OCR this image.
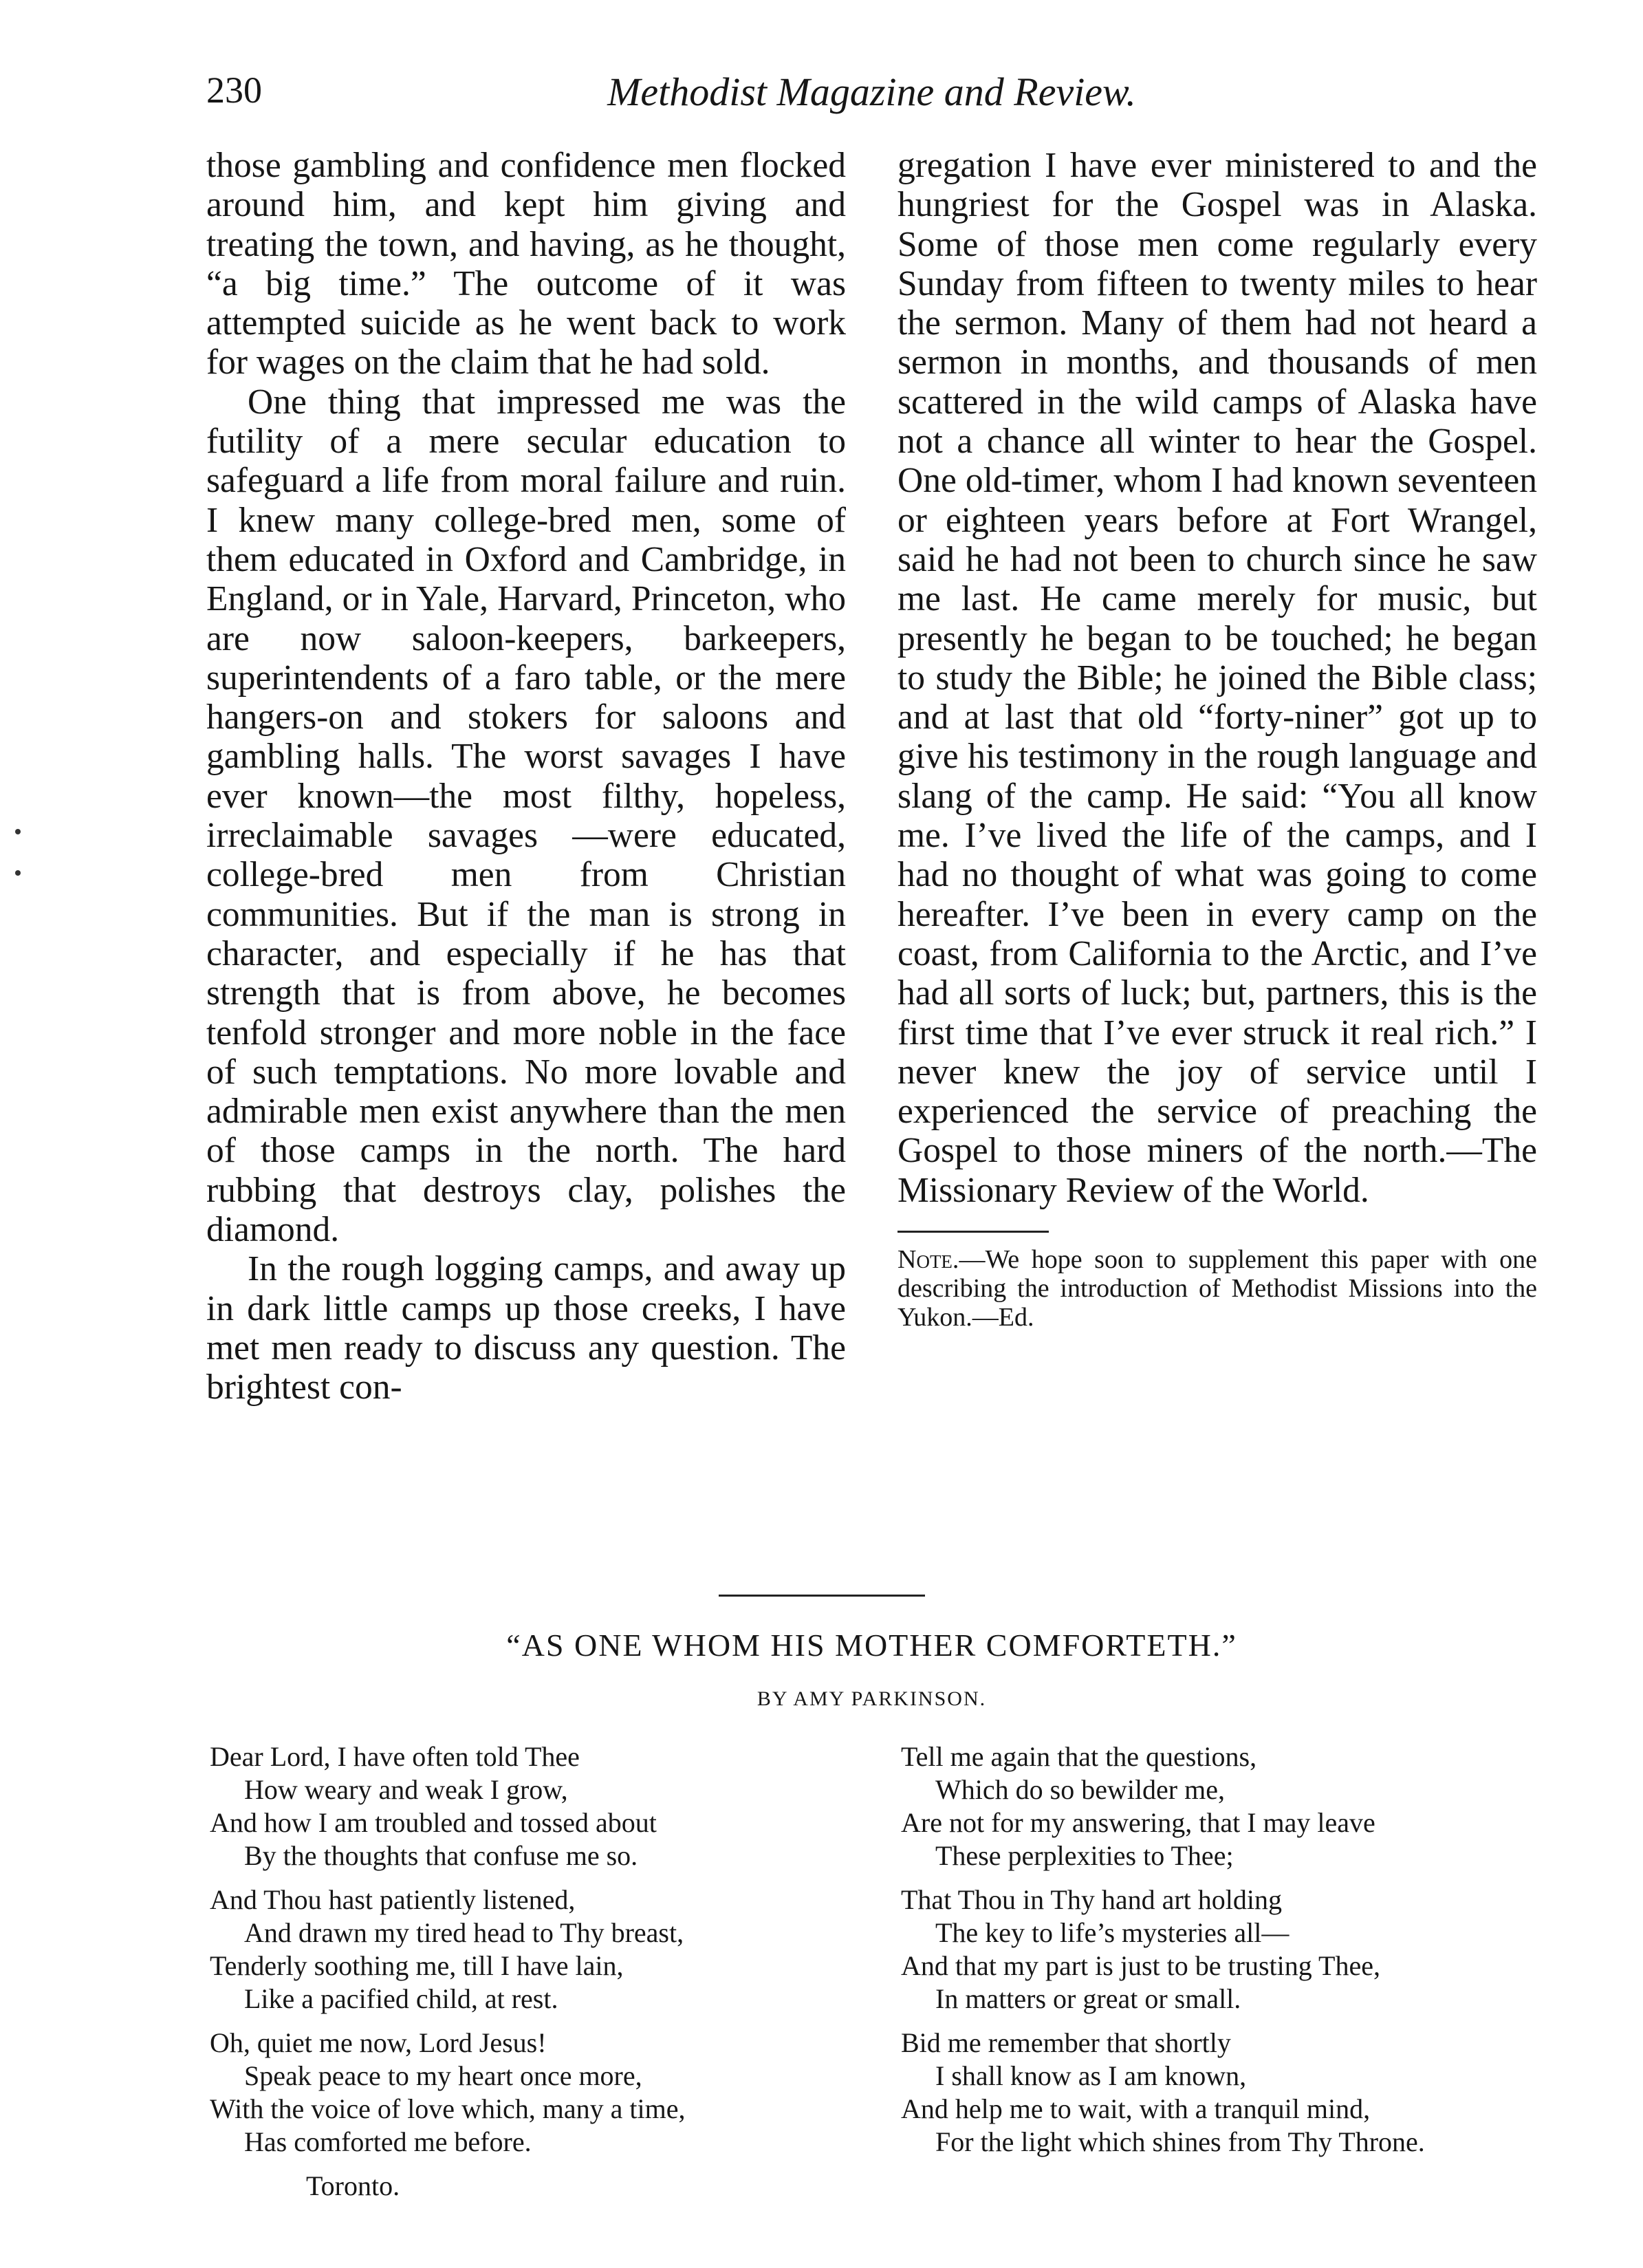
230	Methodist Magazine and Review.

those gambling and confidence men flocked around him, and kept him giving and treating the town, and having, as he thought, “a big time.” The outcome of it was attempted suicide as he went back to work for wages on the claim that he had sold.

One thing that impressed me was the futility of a mere secular education to safeguard a life from moral failure and ruin. I knew many college-bred men, some of them educated in Oxford and Cambridge, in England, or in Yale, Harvard, Princeton, who are now saloon-keepers, barkeepers, superintendents of a faro table, or the mere hangers-on and stokers for saloons and gambling halls. The worst savages I have ever known—the most filthy, hopeless, irreclaimable savages —were educated, college-bred men from Christian communities. But if the man is strong in character, and especially if he has that strength that is from above, he becomes tenfold stronger and more noble in the face of such temptations. No more lovable and admirable men exist anywhere than the men of those camps in the north. The hard rubbing that destroys clay, polishes the diamond.

In the rough logging camps, and away up in dark little camps up those creeks, I have met men ready to discuss any question. The brightest con-

gregation I have ever ministered to and the hungriest for the Gospel was in Alaska. Some of those men come regularly every Sunday from fifteen to twenty miles to hear the sermon. Many of them had not heard a sermon in months, and thousands of men scattered in the wild camps of Alaska have not a chance all winter to hear the Gospel. One old-timer, whom I had known seventeen or eighteen years before at Fort Wrangel, said he had not been to church since he saw me last. He came merely for music, but presently he began to be touched; he began to study the Bible; he joined the Bible class; and at last that old “forty-niner” got up to give his testimony in the rough language and slang of the camp. He said: “You all know me. I’ve lived the life of the camps, and I had no thought of what was going to come hereafter. I’ve been in every camp on the coast, from California to the Arctic, and I’ve had all sorts of luck; but, partners, this is the first time that I’ve ever struck it real rich.” I never knew the joy of service until I experienced the service of preaching the Gospel to those miners of the north.—The Missionary Review of the World.

Note.—We hope soon to supplement this paper with one describing the introduction of Methodist Missions into the Yukon.—Ed.

“AS ONE WHOM HIS MOTHER COMFORTETH.”
BY AMY PARKINSON.
Dear Lord, I have often told Thee
How weary and weak I grow,
And how I am troubled and tossed about
By the thoughts that confuse me so.
And Thou hast patiently listened,
And drawn my tired head to Thy breast,
Tenderly soothing me, till I have lain,
Like a pacified child, at rest.
Oh, quiet me now, Lord Jesus!
Speak peace to my heart once more,
With the voice of love which, many a time,
Has comforted me before.
Toronto.
Tell me again that the questions,
Which do so bewilder me,
Are not for my answering, that I may leave
These perplexities to Thee;
That Thou in Thy hand art holding
The key to life’s mysteries all—
And that my part is just to be trusting Thee,
In matters or great or small.
Bid me remember that shortly
I shall know as I am known,
And help me to wait, with a tranquil mind,
For the light which shines from Thy Throne.
